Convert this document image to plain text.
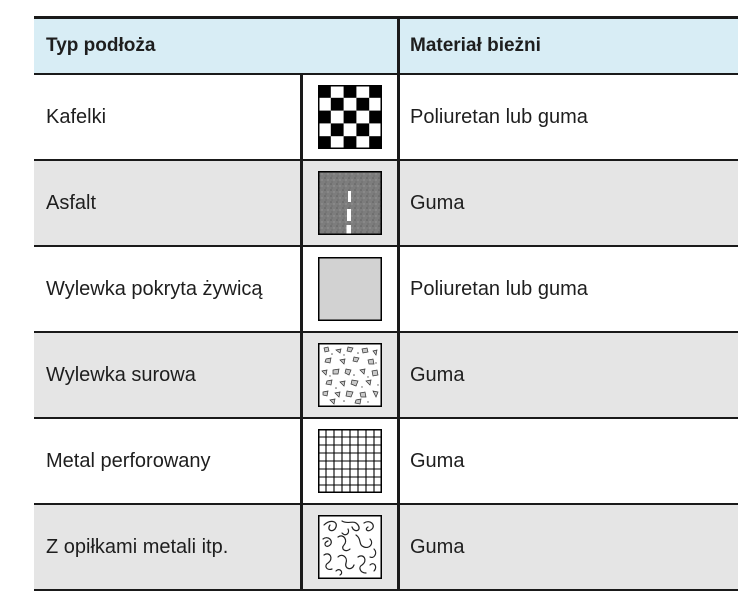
Typ podłoża	Materiał bieżni
Kafelki	Poliuretan lub guma
Asfalt	Guma
Wylewka pokryta żywicą	Poliuretan lub guma
Wylewka surowa	Guma
Metal perforowany	Guma
Z opiłkami metali itp.	Guma
